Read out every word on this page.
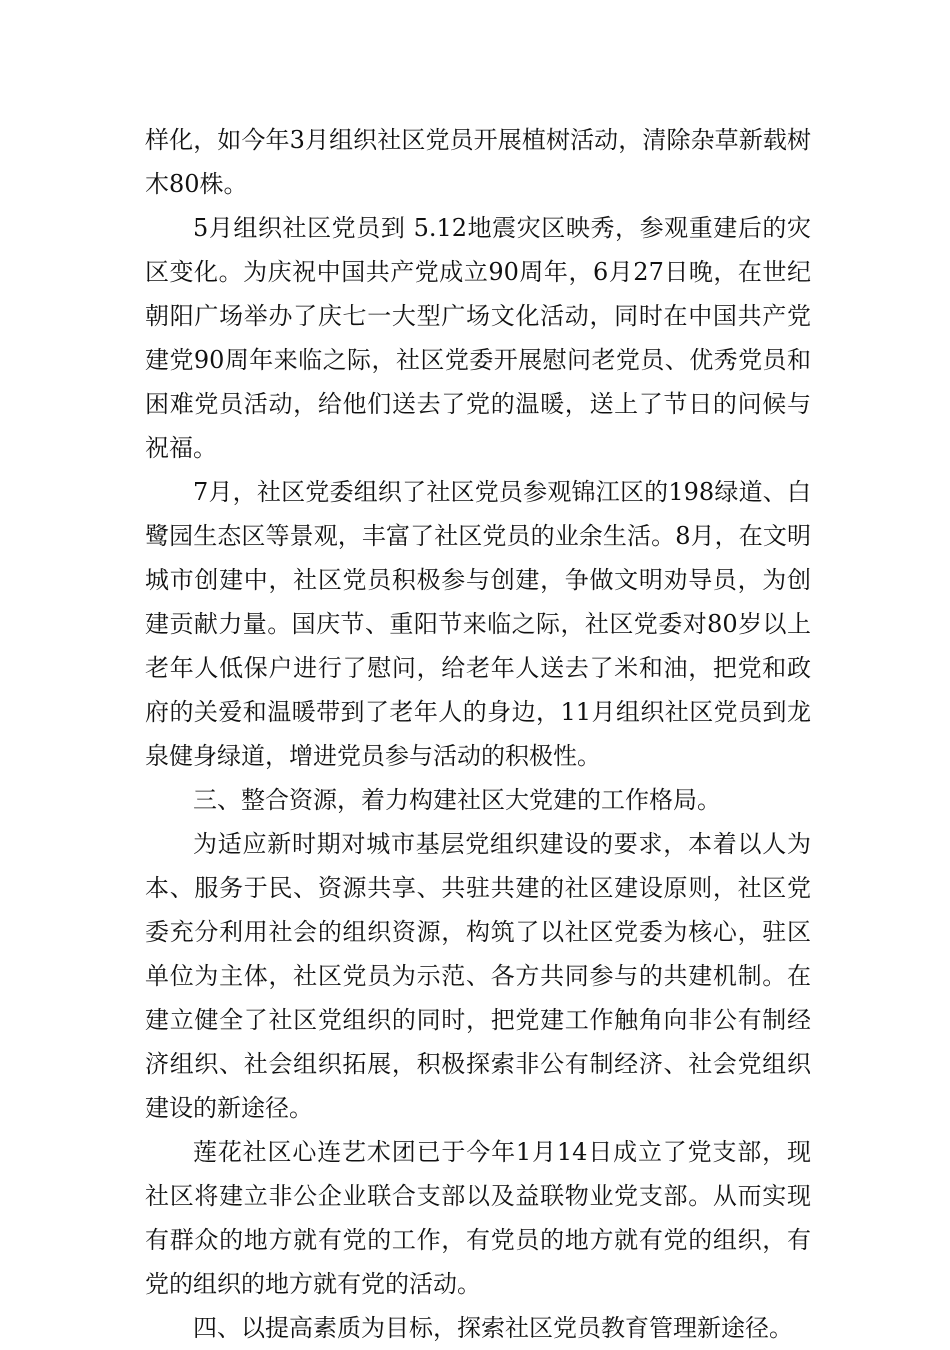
样化，如今年3月组织社区党员开展植树活动，清除杂草新载树木80株。

5月组织社区党员到 5.12地震灾区映秀，参观重建后的灾区变化。为庆祝中国共产党成立90周年，6月27日晚，在世纪朝阳广场举办了庆七一大型广场文化活动，同时在中国共产党建党90周年来临之际，社区党委开展慰问老党员、优秀党员和困难党员活动，给他们送去了党的温暖，送上了节日的问候与祝福。

7月，社区党委组织了社区党员参观锦江区的198绿道、白鹭园生态区等景观，丰富了社区党员的业余生活。8月，在文明城市创建中，社区党员积极参与创建，争做文明劝导员，为创建贡献力量。国庆节、重阳节来临之际，社区党委对80岁以上老年人低保户进行了慰问，给老年人送去了米和油，把党和政府的关爱和温暖带到了老年人的身边，11月组织社区党员到龙泉健身绿道，增进党员参与活动的积极性。

三、整合资源，着力构建社区大党建的工作格局。

为适应新时期对城市基层党组织建设的要求，本着以人为本、服务于民、资源共享、共驻共建的社区建设原则，社区党委充分利用社会的组织资源，构筑了以社区党委为核心，驻区单位为主体，社区党员为示范、各方共同参与的共建机制。在建立健全了社区党组织的同时，把党建工作触角向非公有制经济组织、社会组织拓展，积极探索非公有制经济、社会党组织建设的新途径。

莲花社区心连艺术团已于今年1月14日成立了党支部，现社区将建立非公企业联合支部以及益联物业党支部。从而实现有群众的地方就有党的工作，有党员的地方就有党的组织，有党的组织的地方就有党的活动。

四、以提高素质为目标，探索社区党员教育管理新途径。
